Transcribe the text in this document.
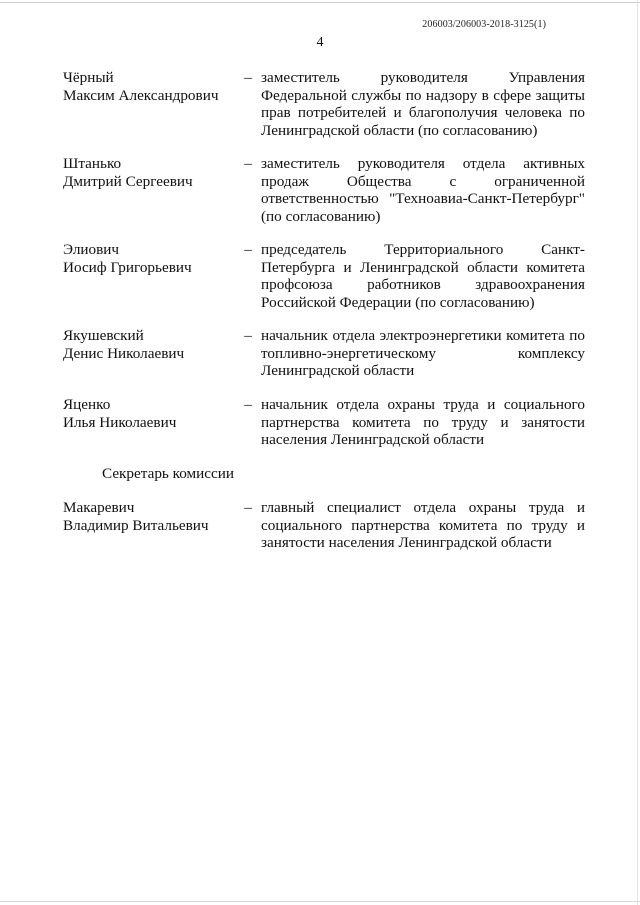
206003/206003-2018-3125(1)
4
Чёрный
Максим Александрович
– заместитель руководителя Управления Федеральной службы по надзору в сфере защиты прав потребителей и благополучия человека по Ленинградской области (по согласованию)
Штанько
Дмитрий Сергеевич
– заместитель руководителя отдела активных продаж Общества с ограниченной ответственностью "Техноавиа-Санкт-Петербург" (по согласованию)
Элиович
Иосиф Григорьевич
– председатель Территориального Санкт-Петербурга и Ленинградской области комитета профсоюза работников здравоохранения Российской Федерации (по согласованию)
Якушевский
Денис Николаевич
– начальник отдела электроэнергетики комитета по топливно-энергетическому комплексу Ленинградской области
Яценко
Илья Николаевич
– начальник отдела охраны труда и социального партнерства комитета по труду и занятости населения Ленинградской области
Секретарь комиссии
Макаревич
Владимир Витальевич
– главный специалист отдела охраны труда и социального партнерства комитета по труду и занятости населения Ленинградской области
